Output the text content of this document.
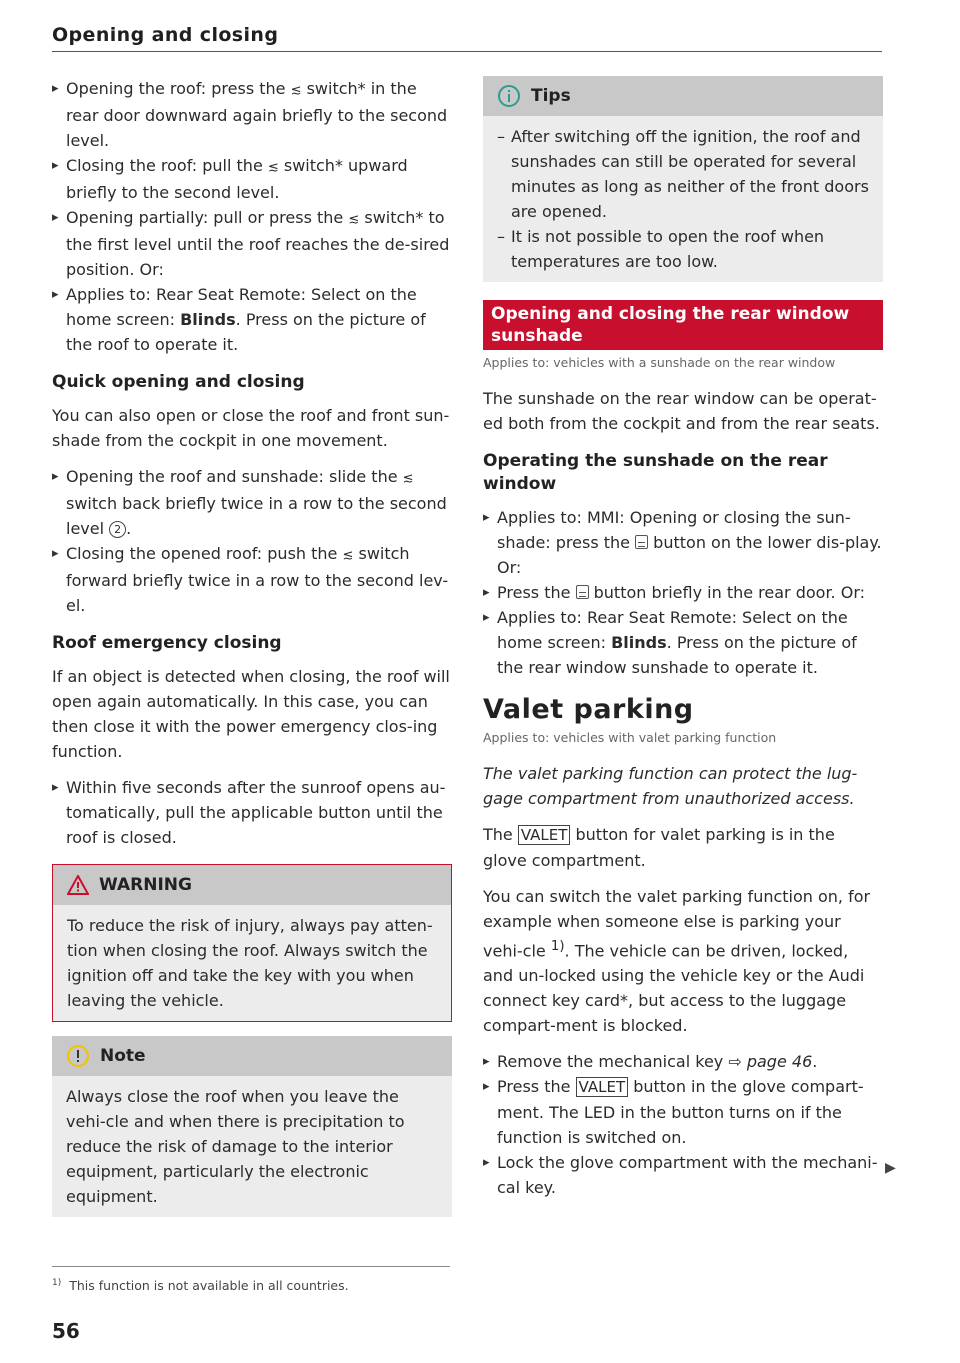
Opening and closing
▸ Opening the roof: press the ≲ switch* in the rear door downward again briefly to the second level.
▸ Closing the roof: pull the ≲ switch* upward briefly to the second level.
▸ Opening partially: pull or press the ≲ switch* to the first level until the roof reaches the de-sired position. Or:
▸ Applies to: Rear Seat Remote: Select on the home screen: Blinds. Press on the picture of the roof to operate it.
Quick opening and closing

You can also open or close the roof and front sun-shade from the cockpit in one movement.

▸ Opening the roof and sunshade: slide the ≲ switch back briefly twice in a row to the second level 2 .
▸ Closing the opened roof: push the ≲ switch forward briefly twice in a row to the second lev-el.
Roof emergency closing

If an object is detected when closing, the roof will open again automatically. In this case, you can then close it with the power emergency clos-ing function.

▸ Within five seconds after the sunroof opens au-tomatically, pull the applicable button until the roof is closed.
WARNING

To reduce the risk of injury, always pay atten-tion when closing the roof. Always switch the ignition off and take the key with you when leaving the vehicle.

Note

Always close the roof when you leave the vehi-cle and when there is precipitation to reduce the risk of damage to the interior equipment, particularly the electronic equipment.

Tips
– After switching off the ignition, the roof and sunshades can still be operated for several minutes as long as neither of the front doors are opened.
– It is not possible to open the roof when temperatures are too low.
Opening and closing the rear window sunshade
Applies to: vehicles with a sunshade on the rear window

The sunshade on the rear window can be operat-ed both from the cockpit and from the rear seats.

Operating the sunshade on the rear window
▸ Applies to: MMI: Opening or closing the sun-shade: press the  button on the lower dis-play. Or:
▸ Press the  button briefly in the rear door. Or:
▸ Applies to: Rear Seat Remote: Select on the home screen: Blinds. Press on the picture of the rear window sunshade to operate it.
Valet parking
Applies to: vehicles with valet parking function

The valet parking function can protect the lug-gage compartment from unauthorized access.

The VALET button for valet parking is in the glove compartment.

You can switch the valet parking function on, for example when someone else is parking your vehi-cle $^{1)}$. The vehicle can be driven, locked, and un-locked using the vehicle key or the Audi connect key card*, but access to the luggage compart-ment is blocked.

▸ Remove the mechanical key ⇨ page 46.
▸ Press the VALET button in the glove compart-ment. The LED in the button turns on if the function is switched on.
▸ Lock the glove compartment with the mechani-cal key.
▶
$^{1)}$ This function is not available in all countries.
56
